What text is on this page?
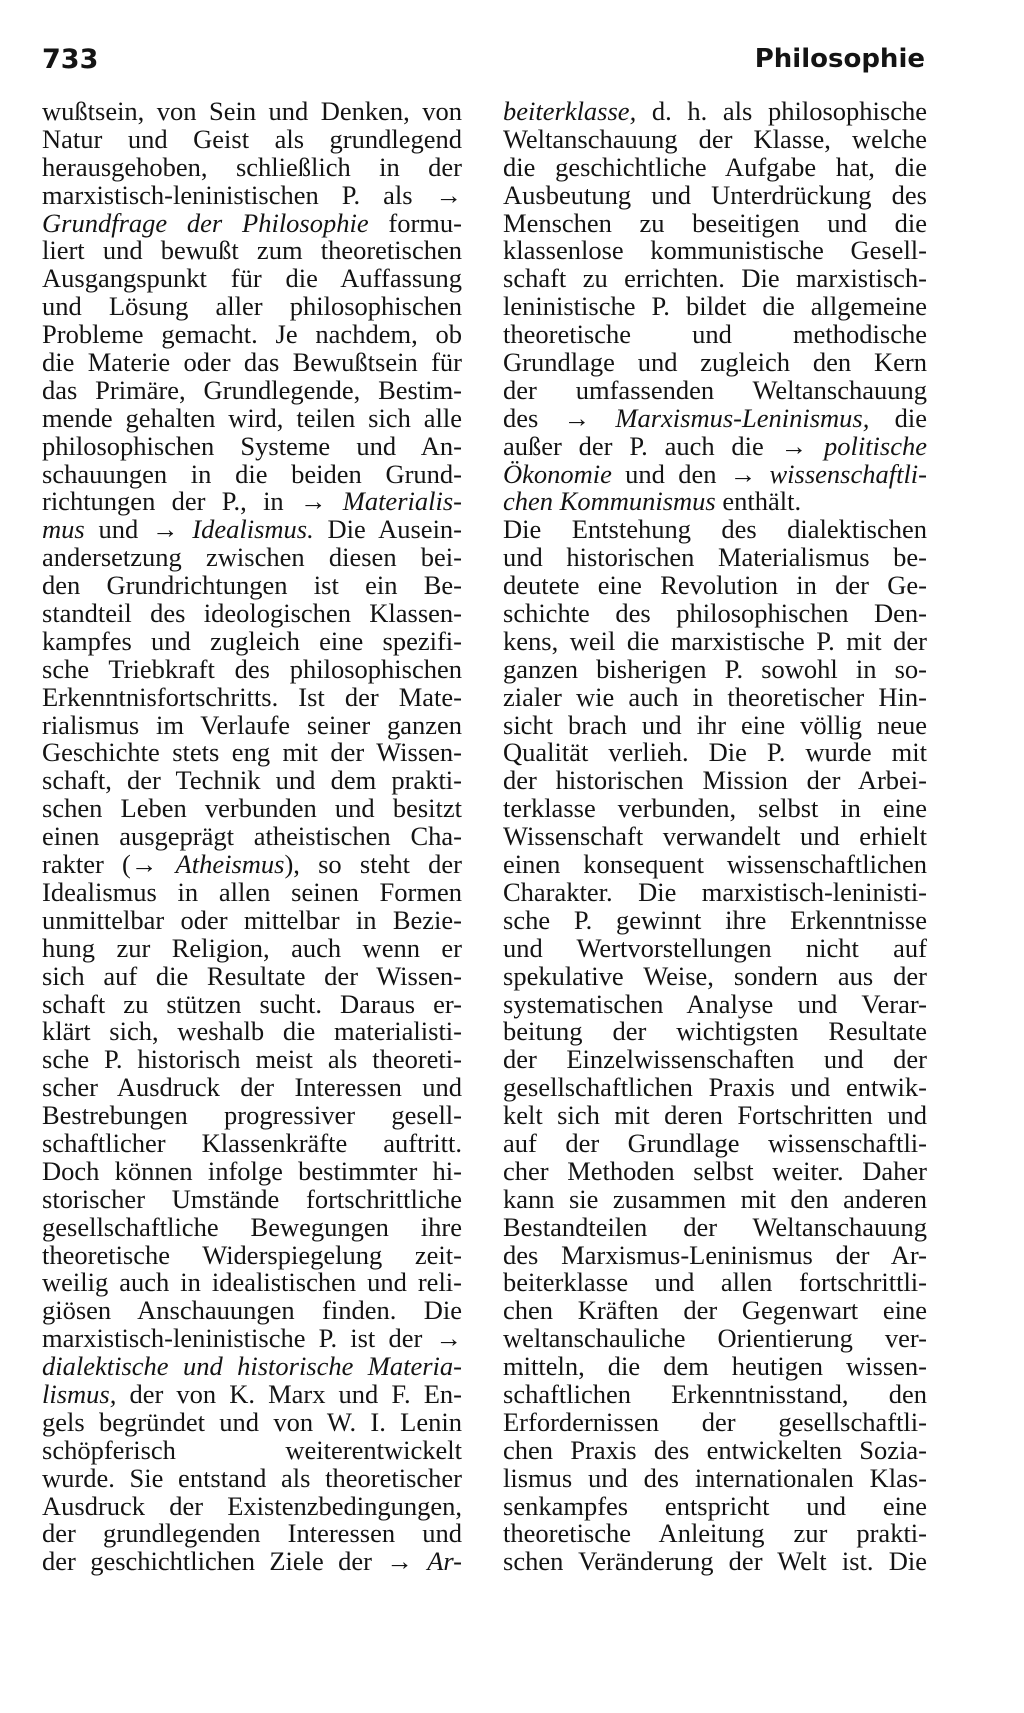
733	Philosophie
wußtsein, von Sein und Denken, von
Natur und Geist als grundlegend
herausgehoben, schließlich in der
marxistisch-leninistischen P. als →
Grundfrage der Philosophie formu-
liert und bewußt zum theoretischen
Ausgangspunkt für die Auffassung
und Lösung aller philosophischen
Probleme gemacht. Je nachdem, ob
die Materie oder das Bewußtsein für
das Primäre, Grundlegende, Bestim-
mende gehalten wird, teilen sich alle
philosophischen Systeme und An-
schauungen in die beiden Grund-
richtungen der P., in → Materialis-
mus und → Idealismus. Die Ausein-
andersetzung zwischen diesen bei-
den Grundrichtungen ist ein Be-
standteil des ideologischen Klassen-
kampfes und zugleich eine spezifi-
sche Triebkraft des philosophischen
Erkenntnisfortschritts. Ist der Mate-
rialismus im Verlaufe seiner ganzen
Geschichte stets eng mit der Wissen-
schaft, der Technik und dem prakti-
schen Leben verbunden und besitzt
einen ausgeprägt atheistischen Cha-
rakter (→ Atheismus), so steht der
Idealismus in allen seinen Formen
unmittelbar oder mittelbar in Bezie-
hung zur Religion, auch wenn er
sich auf die Resultate der Wissen-
schaft zu stützen sucht. Daraus er-
klärt sich, weshalb die materialisti-
sche P. historisch meist als theoreti-
scher Ausdruck der Interessen und
Bestrebungen progressiver gesell-
schaftlicher Klassenkräfte auftritt.
Doch können infolge bestimmter hi-
storischer Umstände fortschrittliche
gesellschaftliche Bewegungen ihre
theoretische Widerspiegelung zeit-
weilig auch in idealistischen und reli-
giösen Anschauungen finden. Die
marxistisch-leninistische P. ist der →
dialektische und historische Materia-
lismus, der von K. Marx und F. En-
gels begründet und von W. I. Lenin
schöpferisch weiterentwickelt
wurde. Sie entstand als theoretischer
Ausdruck der Existenzbedingungen,
der grundlegenden Interessen und
der geschichtlichen Ziele der → Ar-
beiterklasse, d. h. als philosophische
Weltanschauung der Klasse, welche
die geschichtliche Aufgabe hat, die
Ausbeutung und Unterdrückung des
Menschen zu beseitigen und die
klassenlose kommunistische Gesell-
schaft zu errichten. Die marxistisch-
leninistische P. bildet die allgemeine
theoretische und methodische
Grundlage und zugleich den Kern
der umfassenden Weltanschauung
des → Marxismus-Leninismus, die
außer der P. auch die → politische
Ökonomie und den → wissenschaftli-
chen Kommunismus enthält.
Die Entstehung des dialektischen
und historischen Materialismus be-
deutete eine Revolution in der Ge-
schichte des philosophischen Den-
kens, weil die marxistische P. mit der
ganzen bisherigen P. sowohl in so-
zialer wie auch in theoretischer Hin-
sicht brach und ihr eine völlig neue
Qualität verlieh. Die P. wurde mit
der historischen Mission der Arbei-
terklasse verbunden, selbst in eine
Wissenschaft verwandelt und erhielt
einen konsequent wissenschaftlichen
Charakter. Die marxistisch-leninisti-
sche P. gewinnt ihre Erkenntnisse
und Wertvorstellungen nicht auf
spekulative Weise, sondern aus der
systematischen Analyse und Verar-
beitung der wichtigsten Resultate
der Einzelwissenschaften und der
gesellschaftlichen Praxis und entwik-
kelt sich mit deren Fortschritten und
auf der Grundlage wissenschaftli-
cher Methoden selbst weiter. Daher
kann sie zusammen mit den anderen
Bestandteilen der Weltanschauung
des Marxismus-Leninismus der Ar-
beiterklasse und allen fortschrittli-
chen Kräften der Gegenwart eine
weltanschauliche Orientierung ver-
mitteln, die dem heutigen wissen-
schaftlichen Erkenntnisstand, den
Erfordernissen der gesellschaftli-
chen Praxis des entwickelten Sozia-
lismus und des internationalen Klas-
senkampfes entspricht und eine
theoretische Anleitung zur prakti-
schen Veränderung der Welt ist. Die
